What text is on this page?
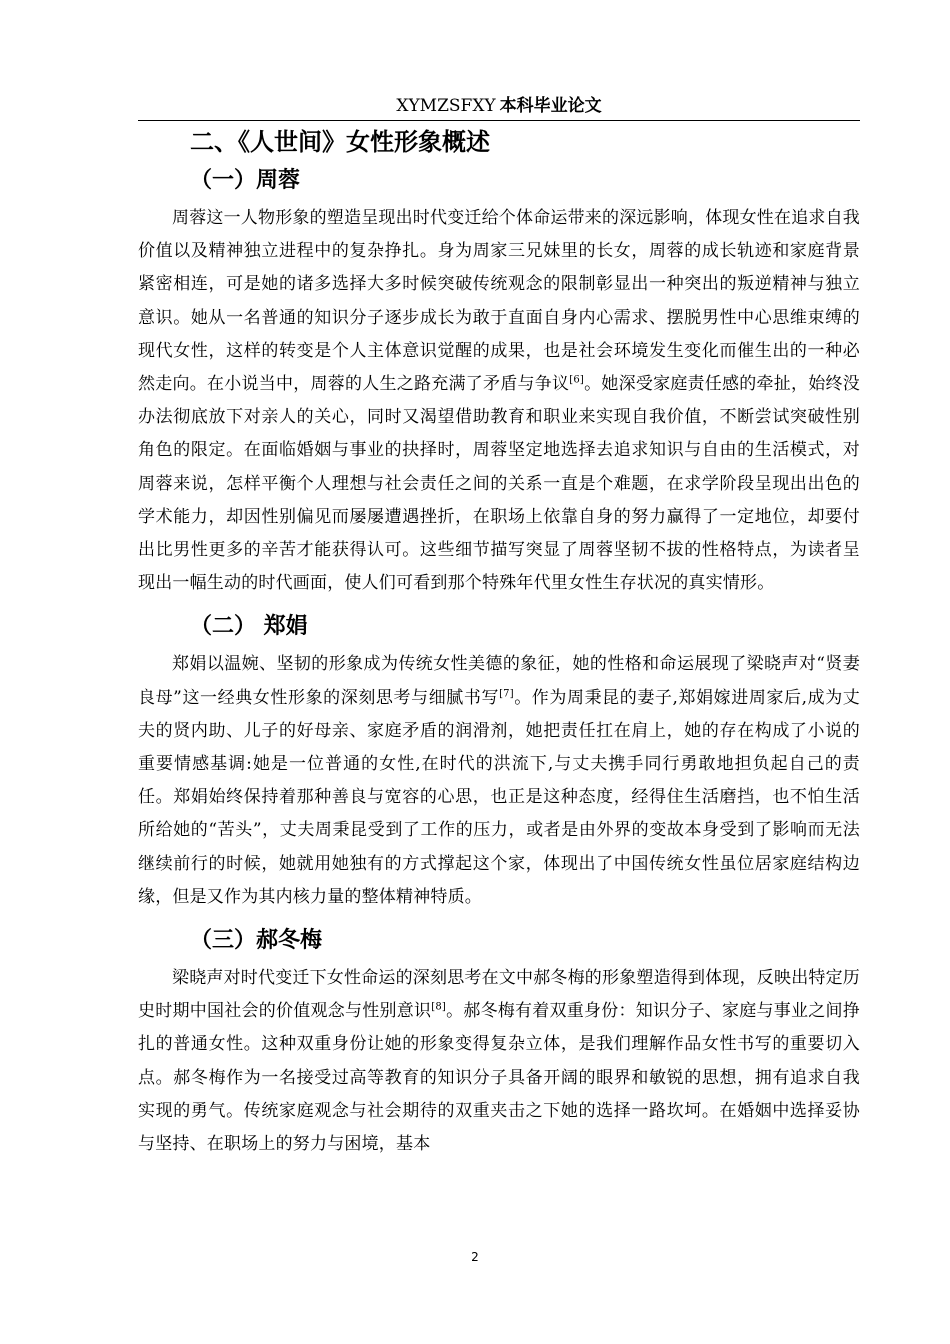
XYMZSFXY 本科毕业论文
二、《人世间》女性形象概述
（一）周蓉

周蓉这一人物形象的塑造呈现出时代变迁给个体命运带来的深远影响，体现女性在追求自我价值以及精神独立进程中的复杂挣扎。身为周家三兄妹里的长女，周蓉的成长轨迹和家庭背景紧密相连，可是她的诸多选择大多时候突破传统观念的限制彰显出一种突出的叛逆精神与独立意识。她从一名普通的知识分子逐步成长为敢于直面自身内心需求、摆脱男性中心思维束缚的现代女性，这样的转变是个人主体意识觉醒的成果，也是社会环境发生变化而催生出的一种必然走向。在小说当中，周蓉的人生之路充满了矛盾与争议[6]。她深受家庭责任感的牵扯，始终没办法彻底放下对亲人的关心，同时又渴望借助教育和职业来实现自我价值，不断尝试突破性别角色的限定。在面临婚姻与事业的抉择时，周蓉坚定地选择去追求知识与自由的生活模式，对周蓉来说，怎样平衡个人理想与社会责任之间的关系一直是个难题，在求学阶段呈现出出色的学术能力，却因性别偏见而屡屡遭遇挫折，在职场上依靠自身的努力赢得了一定地位，却要付出比男性更多的辛苦才能获得认可。这些细节描写突显了周蓉坚韧不拔的性格特点，为读者呈现出一幅生动的时代画面，使人们可看到那个特殊年代里女性生存状况的真实情形。

（二） 郑娟

郑娟以温婉、坚韧的形象成为传统女性美德的象征，她的性格和命运展现了梁晓声对“贤妻良母”这一经典女性形象的深刻思考与细腻书写[7]。作为周秉昆的妻子,郑娟嫁进周家后,成为丈夫的贤内助、儿子的好母亲、家庭矛盾的润滑剂，她把责任扛在肩上，她的存在构成了小说的重要情感基调:她是一位普通的女性,在时代的洪流下,与丈夫携手同行勇敢地担负起自己的责任。郑娟始终保持着那种善良与宽容的心思，也正是这种态度，经得住生活磨挡，也不怕生活所给她的“苦头”，丈夫周秉昆受到了工作的压力，或者是由外界的变故本身受到了影响而无法继续前行的时候，她就用她独有的方式撑起这个家，体现出了中国传统女性虽位居家庭结构边缘，但是又作为其内核力量的整体精神特质。

（三）郝冬梅

梁晓声对时代变迁下女性命运的深刻思考在文中郝冬梅的形象塑造得到体现，反映出特定历史时期中国社会的价值观念与性别意识[8]。郝冬梅有着双重身份：知识分子、家庭与事业之间挣扎的普通女性。这种双重身份让她的形象变得复杂立体，是我们理解作品女性书写的重要切入点。郝冬梅作为一名接受过高等教育的知识分子具备开阔的眼界和敏锐的思想，拥有追求自我实现的勇气。传统家庭观念与社会期待的双重夹击之下她的选择一路坎坷。在婚姻中选择妥协与坚持、在职场上的努力与困境，基本

2
